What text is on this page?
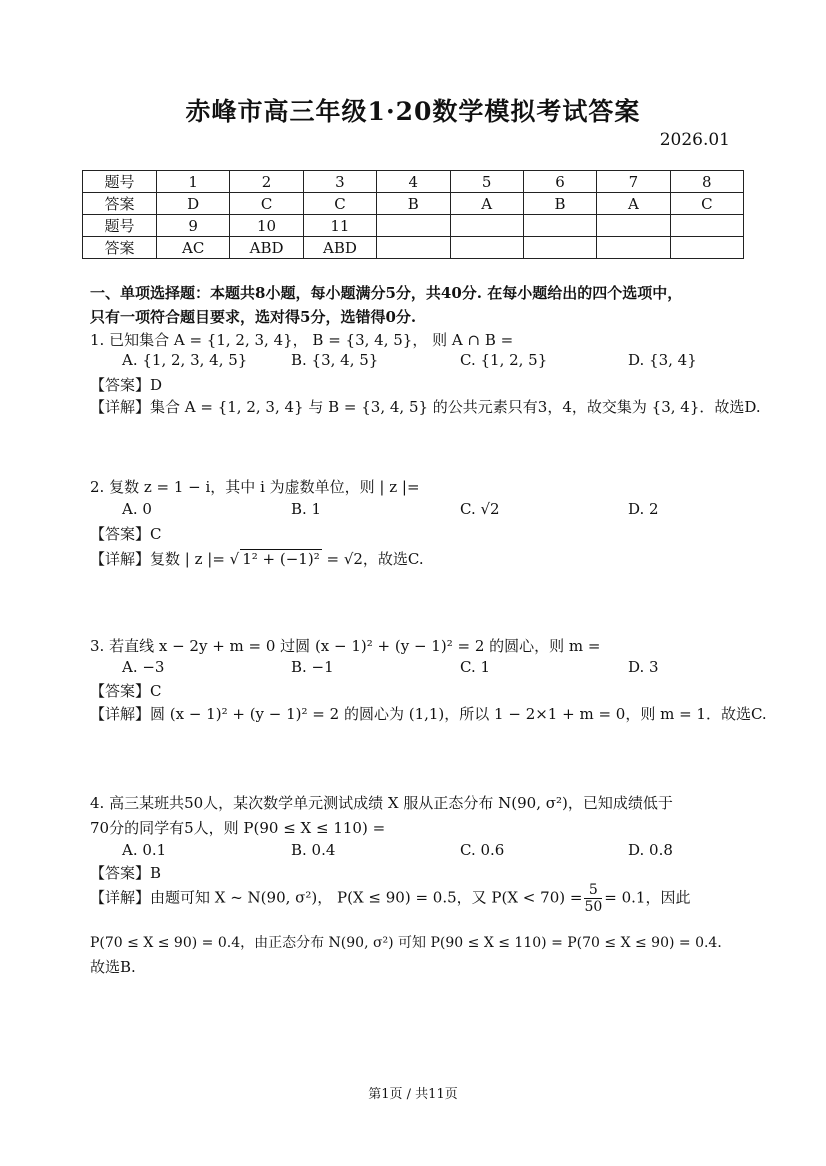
赤峰市高三年级1·20数学模拟考试答案
2026.01
题号	1	2	3	4	5	6	7	8
答案	D	C	C	B	A	B	A	C
题号	9	10	11					
答案	AC	ABD	ABD					
一、单项选择题：本题共8小题，每小题满分5分，共40分. 在每小题给出的四个选项中，
只有一项符合题目要求，选对得5分，选错得0分.
1. 已知集合 A = {1, 2, 3, 4}， B = {3, 4, 5}， 则 A ∩ B =
A. {1, 2, 3, 4, 5}	B. {3, 4, 5}	C. {1, 2, 5}	D. {3, 4}
【答案】D
【详解】集合 A = {1, 2, 3, 4} 与 B = {3, 4, 5} 的公共元素只有3，4，故交集为 {3, 4}．故选D.
2. 复数 z = 1 − i，其中 i 为虚数单位，则 | z |=
A. 0	B. 1	C. √2	D. 2
【答案】C
【详解】复数 | z |= √ 1² + (−1)² = √2，故选C.
3. 若直线 x − 2y + m = 0 过圆 (x − 1)² + (y − 1)² = 2 的圆心，则 m =
A. −3	B. −1	C. 1	D. 3
【答案】C
【详解】圆 (x − 1)² + (y − 1)² = 2 的圆心为 (1,1)，所以 1 − 2×1 + m = 0，则 m = 1．故选C.
4. 高三某班共50人，某次数学单元测试成绩 X 服从正态分布 N(90, σ²)，已知成绩低于
70分的同学有5人，则 P(90 ≤ X ≤ 110) =
A. 0.1	B. 0.4	C. 0.6	D. 0.8
【答案】B
【详解】由题可知 X ~ N(90, σ²)， P(X ≤ 90) = 0.5，又 $P(X < 70) = \frac{5}{50} = 0.1$，因此
P(70 ≤ X ≤ 90) = 0.4，由正态分布 N(90, σ²) 可知 P(90 ≤ X ≤ 110) = P(70 ≤ X ≤ 90) = 0.4．
故选B.
第1页 / 共11页
